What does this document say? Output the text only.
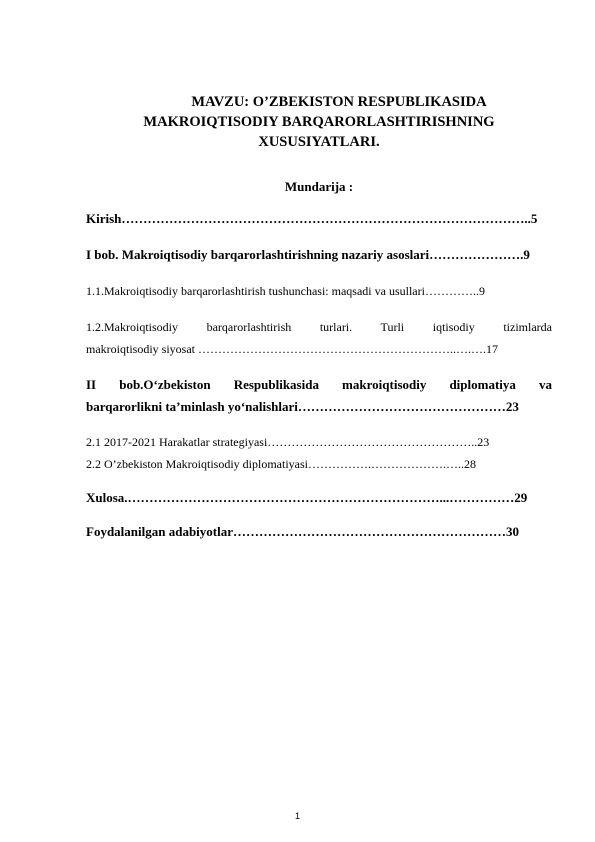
MAVZU: O’ZBEKISTON RESPUBLIKASIDA
MAKROIQTISODIY BARQARORLASHTIRISHNING
XUSUSIYATLARI.
Mundarija :
Kirish…………………………………………………………………………………..5
I bob. Makroiqtisodiy barqarorlashtirishning nazariy asoslari………………….9
1.1.Makroiqtisodiy barqarorlashtirish tushunchasi: maqsadi va usullari…………..9
1.2.Makroiqtisodiy barqarorlashtirish turlari. Turli iqtisodiy tizimlarda
makroiqtisodiy siyosat ………………………………………………………..….….17
II bob.O‘zbekiston Respublikasida makroiqtisodiy diplomatiya va
barqarorlikni ta’minlash yo‘nalishlari…………………………………………23
2.1 2017-2021 Harakatlar strategiyasi……………………………………………..23
2.2 O’zbekiston Makroiqtisodiy diplomatiyasi…………….……………….…..28
Xulosa.………………………………………………………………...……………29
Foydalanilgan adabiyotlar………………………………………………………30
1
